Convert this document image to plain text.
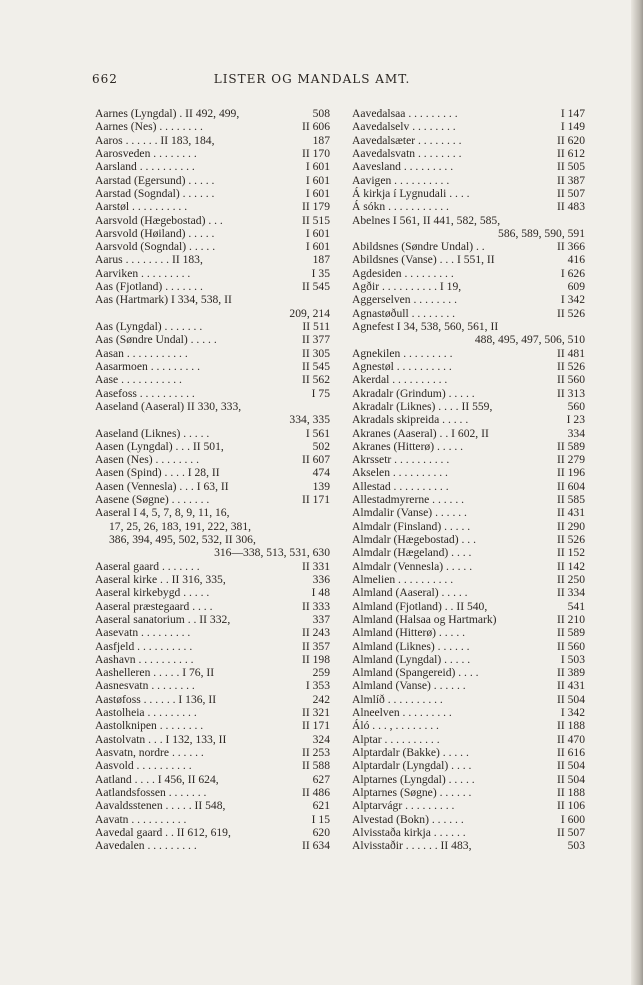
662	LISTER OG MANDALS AMT.
Aarnes (Lyngdal) . II 492, 499,	508
Aarnes (Nes) . . . . . . . .	II 606
Aaros . . . . . . II 183, 184,	187
Aarosveden . . . . . . . .	II 170
Aarsland . . . . . . . . . .	I 601
Aarstad (Egersund) . . . . .	I 601
Aarstad (Sogndal) . . . . . .	I 601
Aarstøl . . . . . . . . . .	II 179
Aarsvold (Hægebostad) . . .	II 515
Aarsvold (Høiland) . . . . .	I 601
Aarsvold (Sogndal) . . . . .	I 601
Aarus . . . . . . . . II 183,	187
Aarviken . . . . . . . . .	I 35
Aas (Fjotland) . . . . . . .	II 545
Aas (Hartmark) I 334, 538, II
209, 214
Aas (Lyngdal) . . . . . . .	II 511
Aas (Søndre Undal) . . . . .	II 377
Aasan . . . . . . . . . . .	II 305
Aasarmoen . . . . . . . . .	II 545
Aase . . . . . . . . . . .	II 562
Aasefoss . . . . . . . . . .	I 75
Aaseland (Aaseral) II 330, 333,
334, 335
Aaseland (Liknes) . . . . .	I 561
Aasen (Lyngdal) . . . II 501,	502
Aasen (Nes) . . . . . . . .	II 607
Aasen (Spind) . . . . I 28, II	474
Aasen (Vennesla) . . . I 63, II	139
Aasene (Søgne) . . . . . . .	II 171
Aaseral I 4, 5, 7, 8, 9, 11, 16,
17, 25, 26, 183, 191, 222, 381,
386, 394, 495, 502, 532, II 306,
316—338, 513, 531, 630
Aaseral gaard . . . . . . .	II 331
Aaseral kirke . . II 316, 335,	336
Aaseral kirkebygd . . . . .	I 48
Aaseral præstegaard . . . .	II 333
Aaseral sanatorium . . II 332,	337
Aasevatn . . . . . . . . .	II 243
Aasfjeld . . . . . . . . . .	II 357
Aashavn . . . . . . . . . .	II 198
Aashelleren . . . . . I 76, II	259
Aasnesvatn . . . . . . . .	I 353
Aastøfoss . . . . . . I 136, II	242
Aastolheia . . . . . . . . .	II 321
Aastolknipen . . . . . . . .	II 171
Aastolvatn . . . I 132, 133, II	324
Aasvatn, nordre . . . . . .	II 253
Aasvold . . . . . . . . . .	II 588
Aatland . . . . I 456, II 624,	627
Aatlandsfossen . . . . . . .	II 486
Aavaldsstenen . . . . . II 548,	621
Aavatn . . . . . . . . . .	I 15
Aavedal gaard . . II 612, 619,	620
Aavedalen . . . . . . . . .	II 634
Aavedalsaa . . . . . . . . .	I 147
Aavedalselv . . . . . . . .	I 149
Aavedalsæter . . . . . . . .	II 620
Aavedalsvatn . . . . . . . .	II 612
Aavesland . . . . . . . . .	II 505
Aavigen . . . . . . . . . .	II 387
Á kirkja í Lygnudali . . . .	II 507
Á sókn . . . . . . . . . . .	II 483
Abelnes I 561, II 441, 582, 585,
586, 589, 590, 591
Abildsnes (Søndre Undal) . .	II 366
Abildsnes (Vanse) . . . I 551, II	416
Agdesiden . . . . . . . . .	I 626
Agðir . . . . . . . . . . I 19,	609
Aggerselven . . . . . . . .	I 342
Agnastøðull . . . . . . . .	II 526
Agnefest I 34, 538, 560, 561, II
488, 495, 497, 506, 510
Agnekilen . . . . . . . . .	II 481
Agnestøl . . . . . . . . . .	II 526
Akerdal . . . . . . . . . .	II 560
Akradalr (Grindum) . . . . .	II 313
Akradalr (Liknes) . . . . II 559,	560
Akradals skipreida . . . . .	I 23
Akranes (Aaseral) . . I 602, II	334
Akranes (Hitterø) . . . . .	II 589
Akrssetr . . . . . . . . . .	II 279
Akselen . . . . . . . . . .	II 196
Allestad . . . . . . . . . .	II 604
Allestadmyrerne . . . . . .	II 585
Almdalir (Vanse) . . . . . .	II 431
Almdalr (Finsland) . . . . .	II 290
Almdalr (Hægebostad) . . .	II 526
Almdalr (Hægeland) . . . .	II 152
Almdalr (Vennesla) . . . . .	II 142
Almelien . . . . . . . . . .	II 250
Almland (Aaseral) . . . . .	II 334
Almland (Fjotland) . . II 540,	541
Almland (Halsaa og Hartmark)	II 210
Almland (Hitterø) . . . . .	II 589
Almland (Liknes) . . . . . .	II 560
Almland (Lyngdal) . . . . .	I 503
Almland (Spangereid) . . . .	II 389
Almland (Vanse) . . . . . .	II 431
Almlíð . . . . . . . . . .	II 504
Alneelven . . . . . . . . .	I 342
Áló . . . , . . . . . . . .	II 188
Alptar . . . . . . . . . .	II 470
Alptardalr (Bakke) . . . . .	II 616
Alptardalr (Lyngdal) . . . .	II 504
Alptarnes (Lyngdal) . . . . .	II 504
Alptarnes (Søgne) . . . . . .	II 188
Alptarvágr . . . . . . . . .	II 106
Alvestad (Bokn) . . . . . .	I 600
Alvisstaða kirkja . . . . . .	II 507
Alvisstaðir . . . . . . II 483,	503
